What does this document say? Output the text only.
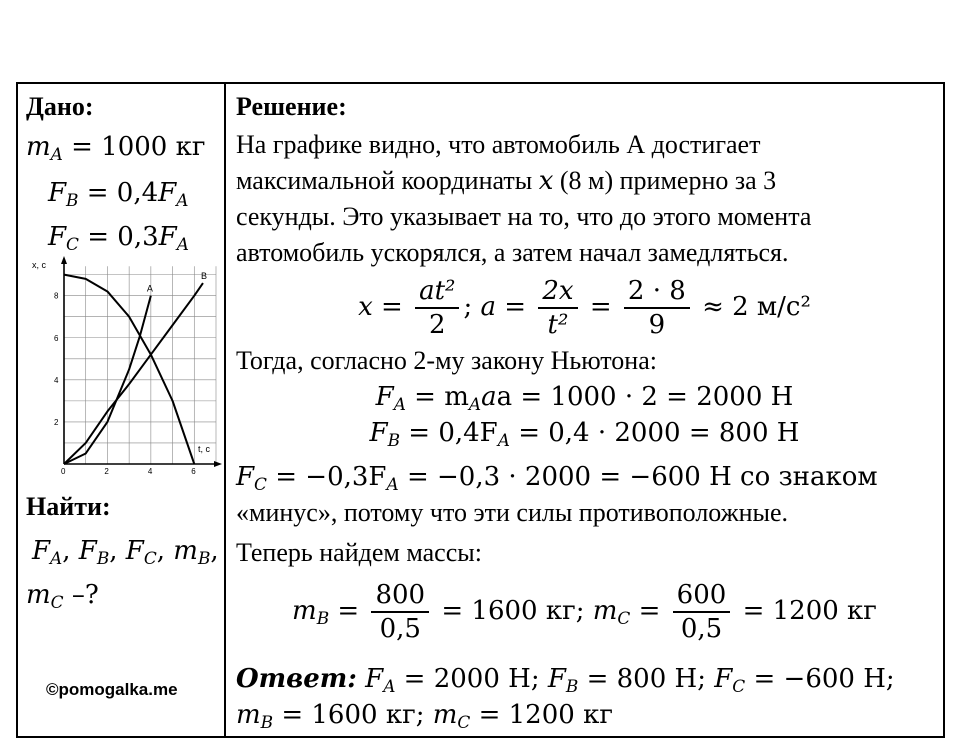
Дано:
$m_A = 1000$ кг
$F_B = 0,4F_A$
$F_C = 0,3F_A$
x, с
t, с
0	2	4	6
2
4
6
8
A
B
Найти:
$F_A$, $F_B$, $F_C$, $m_B$,
$m_C$ –?
©pomogalka.me
Решение:
На графике видно, что автомобиль А достигает
максимальной координаты x (8 м) примерно за 3
секунды. Это указывает на то, что до этого момента
автомобиль ускорялся, а затем начал замедляться.
$x = \frac{\text{at²}}{2}$ ; $a = \frac{2x}{\text{t²}} = \frac{2 \cdot 8}{9} \approx 2$ м/с²
Тогда, согласно 2-му закону Ньютона:
$F_A = m_Aaa = 1000 \cdot 2 = 2000$ Н
$F_B = 0,4F_A = 0,4 \cdot 2000 = 800$ Н
$F_C = -0,3F_A = -0,3 \cdot 2000 = -600$ Н со знаком
«минус», потому что эти силы противоположные.
Теперь найдем массы:
$m_B = \frac{800}{0,5} = 1600$ кг; $m_C = \frac{600}{0,5} = 1200$ кг
Ответ: $F_A = 2000$ Н; $F_B = 800$ Н; $F_C = -600$ Н;
$m_B = 1600$ кг; $m_C = 1200$ кг
